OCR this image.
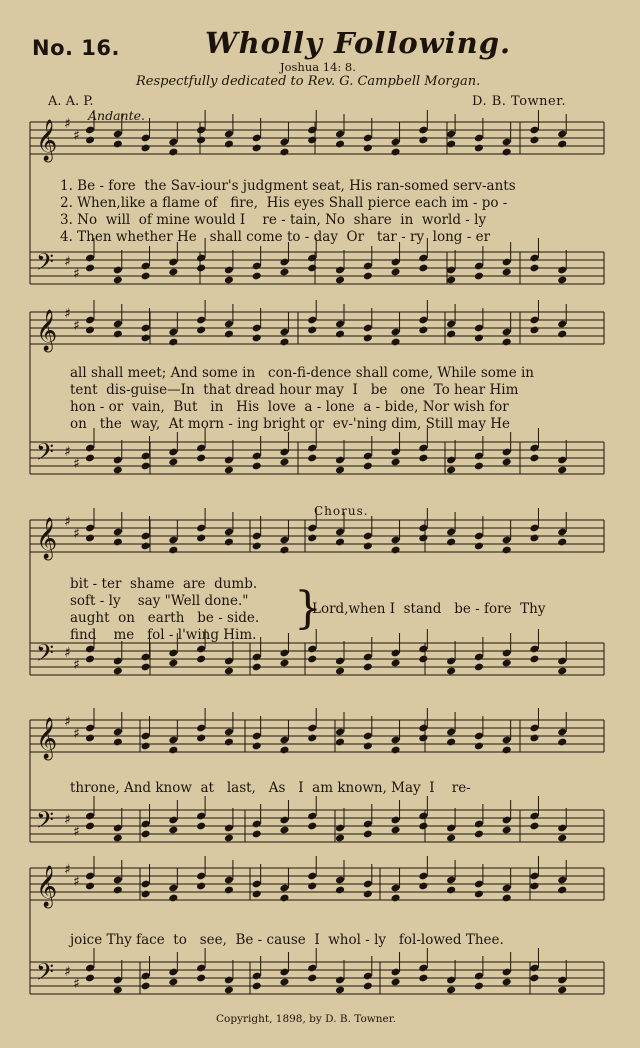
No. 16.	Wholly Following.
Joshua 14: 8.
Respectfully dedicated to Rev. G. Campbell Morgan.
A. A. P.	D. B. Towner.
Andante.
𝄞 ♯
♯
𝄢 ♯
♯
𝄞 ♯
♯
𝄢 ♯
♯
𝄞 ♯
♯
𝄢 ♯
♯
𝄞 ♯
♯
𝄢 ♯
♯
𝄞 ♯
♯
𝄢 ♯
♯
1. Be - fore  the Sav-iour's judgment seat, His ran-somed serv-ants
2. When,like a flame of   fire,  His eyes Shall pierce each im - po -
3. No  will  of mine would I    re - tain, No  share  in  world - ly
4. Then whether He   shall come to - day  Or   tar - ry  long - er
all shall meet; And some in   con-fi-dence shall come, While some in
tent  dis-guise—In  that dread hour may  I   be   one  To hear Him
hon - or  vain,  But   in   His  love  a - lone  a - bide, Nor wish for
on   the  way,  At morn - ing bright or  ev-'ning dim, Still may He
Chorus.
bit - ter  shame  are  dumb.
soft - ly    say "Well done."
aught  on   earth   be - side.
find    me   fol - l'wing Him.
}
Lord,when I  stand   be - fore  Thy
throne, And know  at   last,   As   I  am known, May  I    re-
joice Thy face  to   see,  Be - cause  I  whol - ly   fol-lowed Thee.
Copyright, 1898, by D. B. Towner.
